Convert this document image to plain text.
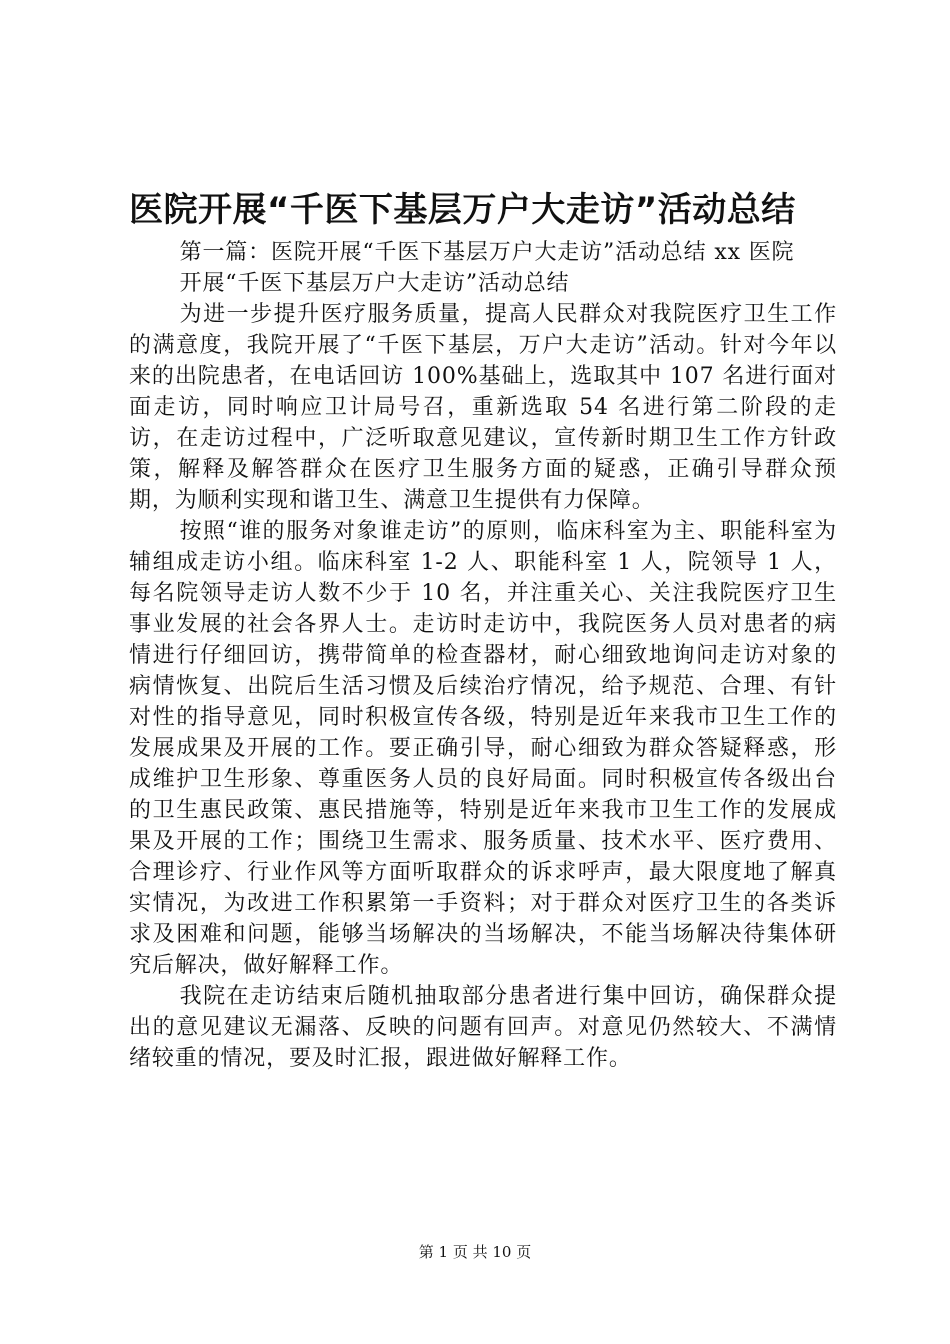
医院开展“千医下基层万户大走访”活动总结

第一篇：医院开展“千医下基层万户大走访”活动总结 xx 医院

开展“千医下基层万户大走访”活动总结

为进一步提升医疗服务质量，提高人民群众对我院医疗卫生工作的满意度，我院开展了“千医下基层，万户大走访”活动。针对今年以来的出院患者，在电话回访 100%基础上，选取其中 107 名进行面对面走访，同时响应卫计局号召，重新选取 54 名进行第二阶段的走访，在走访过程中，广泛听取意见建议，宣传新时期卫生工作方针政策，解释及解答群众在医疗卫生服务方面的疑惑，正确引导群众预期，为顺利实现和谐卫生、满意卫生提供有力保障。

按照“谁的服务对象谁走访”的原则，临床科室为主、职能科室为辅组成走访小组。临床科室 1-2 人、职能科室 1 人，院领导 1 人，每名院领导走访人数不少于 10 名，并注重关心、关注我院医疗卫生事业发展的社会各界人士。走访时走访中，我院医务人员对患者的病情进行仔细回访，携带简单的检查器材，耐心细致地询问走访对象的病情恢复、出院后生活习惯及后续治疗情况，给予规范、合理、有针对性的指导意见，同时积极宣传各级，特别是近年来我市卫生工作的发展成果及开展的工作。要正确引导，耐心细致为群众答疑释惑，形成维护卫生形象、尊重医务人员的良好局面。同时积极宣传各级出台的卫生惠民政策、惠民措施等，特别是近年来我市卫生工作的发展成果及开展的工作；围绕卫生需求、服务质量、技术水平、医疗费用、合理诊疗、行业作风等方面听取群众的诉求呼声，最大限度地了解真实情况，为改进工作积累第一手资料；对于群众对医疗卫生的各类诉求及困难和问题，能够当场解决的当场解决，不能当场解决待集体研究后解决，做好解释工作。

我院在走访结束后随机抽取部分患者进行集中回访，确保群众提出的意见建议无漏落、反映的问题有回声。对意见仍然较大、不满情绪较重的情况，要及时汇报，跟进做好解释工作。

第 1 页 共 10 页
